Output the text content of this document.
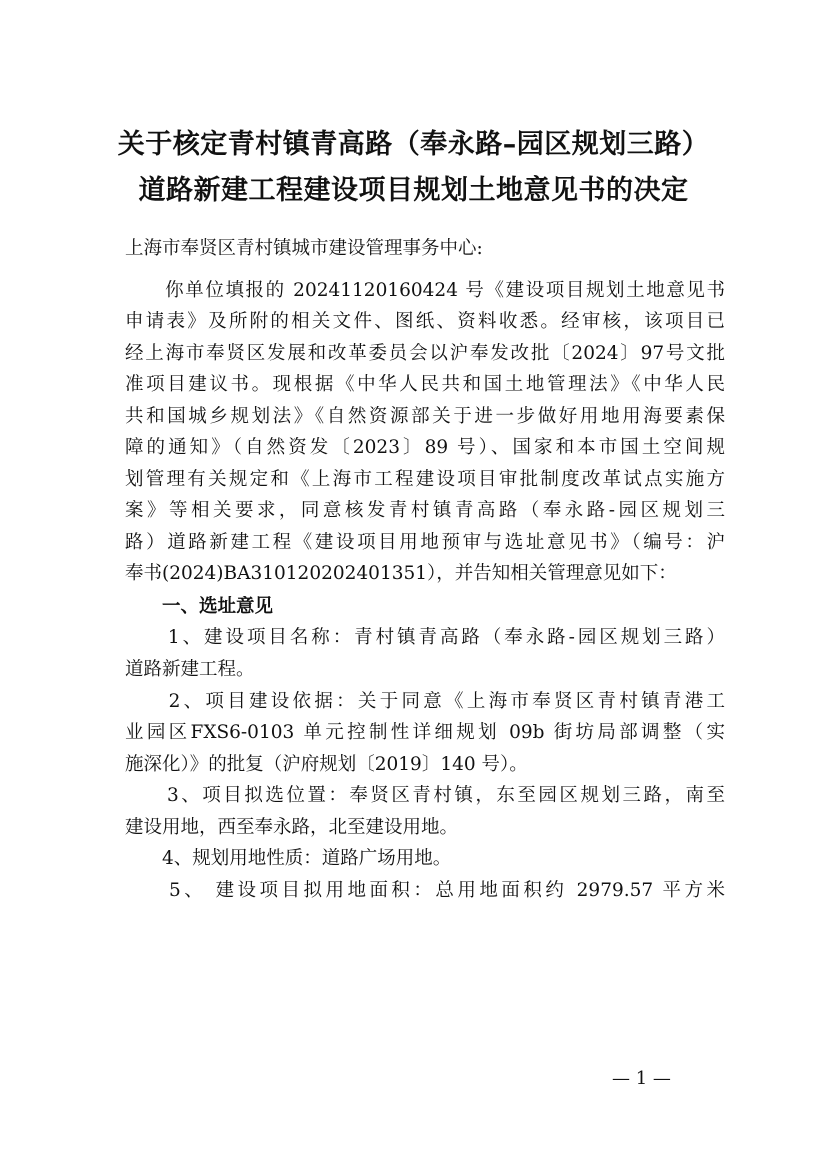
关于核定青村镇青高路（奉永路–园区规划三路）
道路新建工程建设项目规划土地意见书的决定

上海市奉贤区青村镇城市建设管理事务中心:

　　你单位填报的 20241120160424 号《建设项目规划土地意见书

申请表》及所附的相关文件、图纸、资料收悉。经审核，该项目已

经上海市奉贤区发展和改革委员会以沪奉发改批〔2024〕97号文批

准项目建议书。现根据《中华人民共和国土地管理法》《中华人民

共和国城乡规划法》《自然资源部关于进一步做好用地用海要素保

障的通知》（自然资发〔2023〕89 号）、国家和本市国土空间规

划管理有关规定和《上海市工程建设项目审批制度改革试点实施方

案》等相关要求，同意核发青村镇青高路（奉永路-园区规划三

路）道路新建工程《建设项目用地预审与选址意见书》（编号：沪

奉书(2024)BA310120202401351），并告知相关管理意见如下：

　　一、选址意见

　　1、建设项目名称：青村镇青高路（奉永路-园区规划三路）

道路新建工程。

　　2、项目建设依据：关于同意《上海市奉贤区青村镇青港工

业园区FXS6-0103 单元控制性详细规划 09b 街坊局部调整（实

施深化）》的批复（沪府规划〔2019〕140 号）。

　　3、项目拟选位置：奉贤区青村镇，东至园区规划三路，南至

建设用地，西至奉永路，北至建设用地。

　　4、规划用地性质：道路广场用地。

　　5、 建设项目拟用地面积：总用地面积约 2979.57 平方米

— 1 —
